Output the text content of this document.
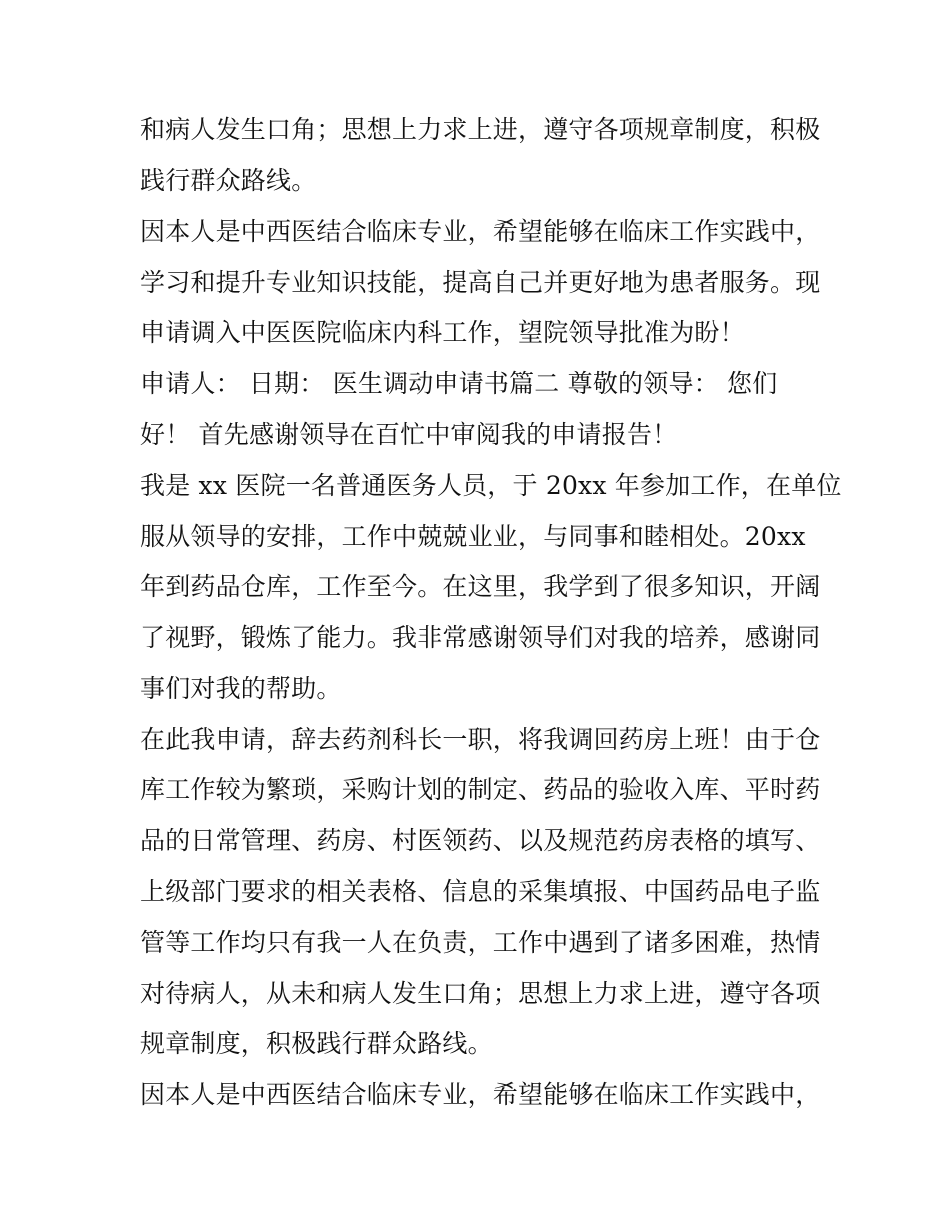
和病人发生口角；思想上力求上进，遵守各项规章制度，积极
践行群众路线。
因本人是中西医结合临床专业，希望能够在临床工作实践中，
学习和提升专业知识技能，提高自己并更好地为患者服务。现
申请调入中医医院临床内科工作，望院领导批准为盼！
申请人： 日期： 医生调动申请书篇二 尊敬的领导： 您们
好！ 首先感谢领导在百忙中审阅我的申请报告！
我是 xx 医院一名普通医务人员，于 20xx 年参加工作，在单位
服从领导的安排，工作中兢兢业业，与同事和睦相处。20xx
年到药品仓库，工作至今。在这里，我学到了很多知识，开阔
了视野，锻炼了能力。我非常感谢领导们对我的培养，感谢同
事们对我的帮助。
在此我申请，辞去药剂科长一职，将我调回药房上班！由于仓
库工作较为繁琐，采购计划的制定、药品的验收入库、平时药
品的日常管理、药房、村医领药、以及规范药房表格的填写、
上级部门要求的相关表格、信息的采集填报、中国药品电子监
管等工作均只有我一人在负责，工作中遇到了诸多困难，热情
对待病人，从未和病人发生口角；思想上力求上进，遵守各项
规章制度，积极践行群众路线。
因本人是中西医结合临床专业，希望能够在临床工作实践中，
